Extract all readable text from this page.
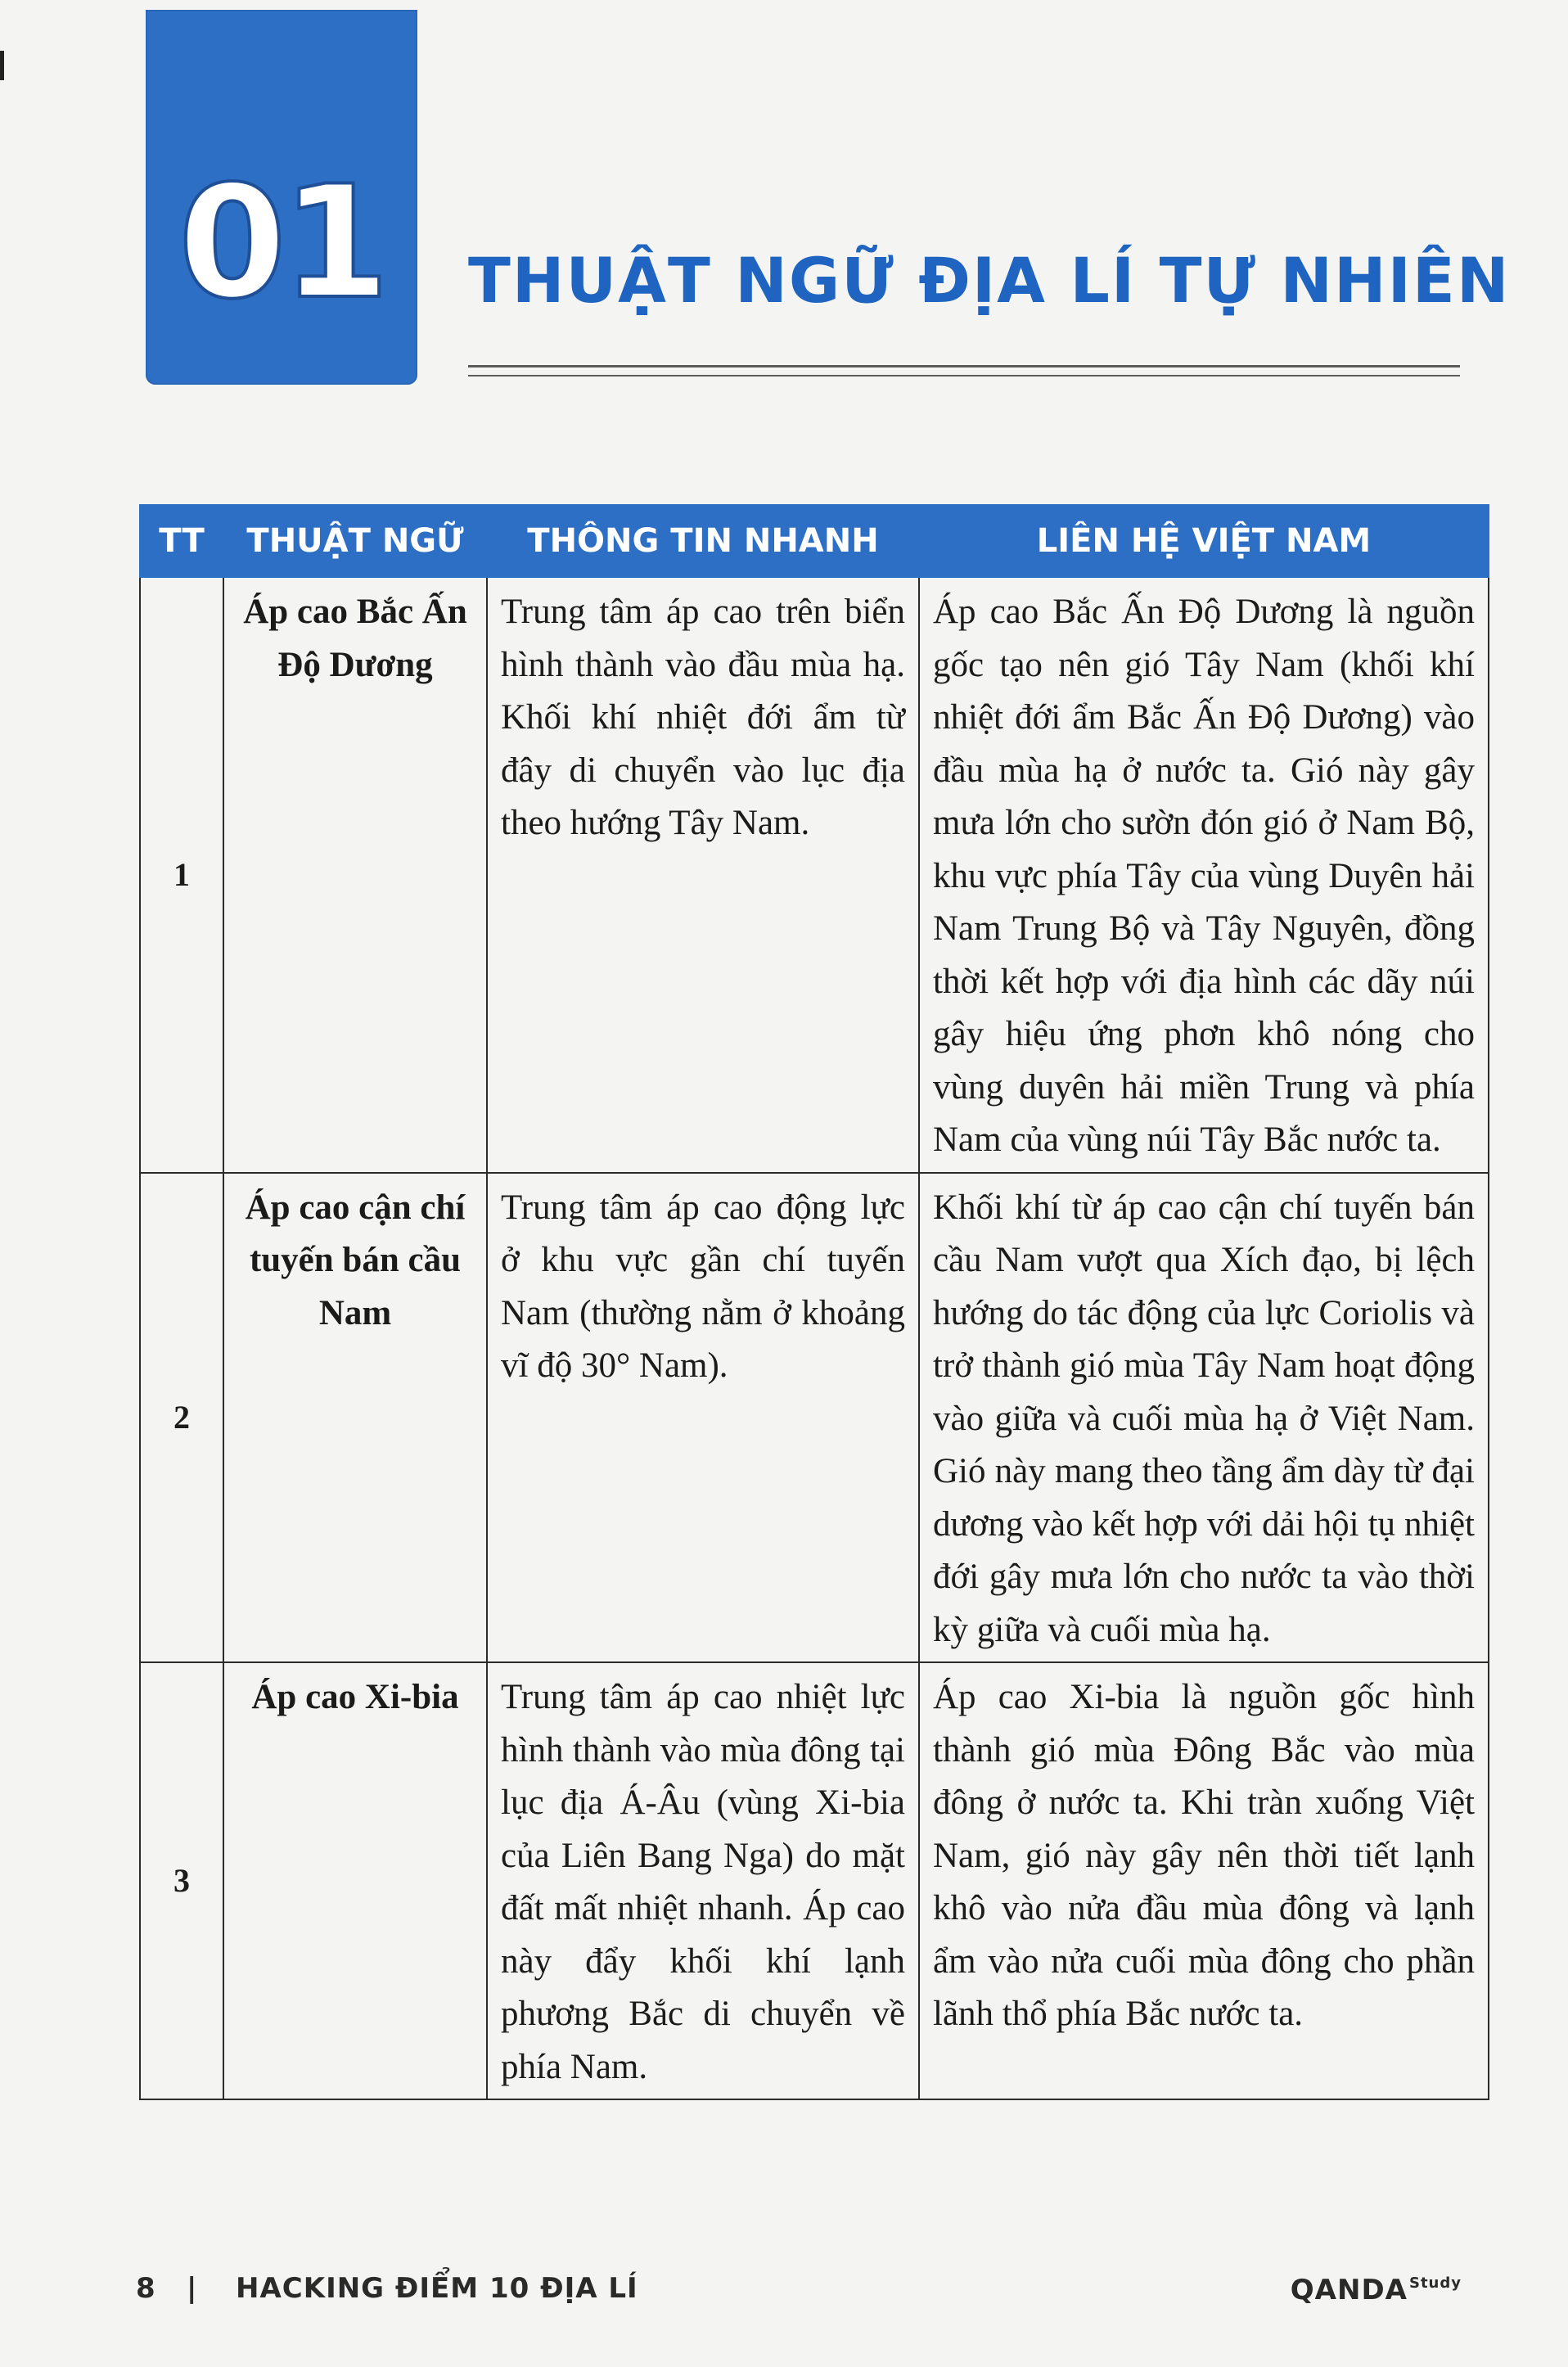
01	THUẬT NGỮ ĐỊA LÍ TỰ NHIÊN
TT	THUẬT NGỮ	THÔNG TIN NHANH	LIÊN HỆ VIỆT NAM
1	Áp cao Bắc Ấn Độ Dương	Trung tâm áp cao trên biển hình thành vào đầu mùa hạ. Khối khí nhiệt đới ẩm từ đây di chuyển vào lục địa theo hướng Tây Nam.	Áp cao Bắc Ấn Độ Dương là nguồn gốc tạo nên gió Tây Nam (khối khí nhiệt đới ẩm Bắc Ấn Độ Dương) vào đầu mùa hạ ở nước ta. Gió này gây mưa lớn cho sườn đón gió ở Nam Bộ, khu vực phía Tây của vùng Duyên hải Nam Trung Bộ và Tây Nguyên, đồng thời kết hợp với địa hình các dãy núi gây hiệu ứng phơn khô nóng cho vùng duyên hải miền Trung và phía Nam của vùng núi Tây Bắc nước ta.
2	Áp cao cận chí tuyến bán cầu Nam	Trung tâm áp cao động lực ở khu vực gần chí tuyến Nam (thường nằm ở khoảng vĩ độ 30° Nam).	Khối khí từ áp cao cận chí tuyến bán cầu Nam vượt qua Xích đạo, bị lệch hướng do tác động của lực Coriolis và trở thành gió mùa Tây Nam hoạt động vào giữa và cuối mùa hạ ở Việt Nam. Gió này mang theo tầng ẩm dày từ đại dương vào kết hợp với dải hội tụ nhiệt đới gây mưa lớn cho nước ta vào thời kỳ giữa và cuối mùa hạ.
3	Áp cao Xi-bia	Trung tâm áp cao nhiệt lực hình thành vào mùa đông tại lục địa Á-Âu (vùng Xi-bia của Liên Bang Nga) do mặt đất mất nhiệt nhanh. Áp cao này đẩy khối khí lạnh phương Bắc di chuyển về phía Nam.	Áp cao Xi-bia là nguồn gốc hình thành gió mùa Đông Bắc vào mùa đông ở nước ta. Khi tràn xuống Việt Nam, gió này gây nên thời tiết lạnh khô vào nửa đầu mùa đông và lạnh ẩm vào nửa cuối mùa đông cho phần lãnh thổ phía Bắc nước ta.
8 | HACKING ĐIỂM 10 ĐỊA LÍ	QANDA $^{Study}$
